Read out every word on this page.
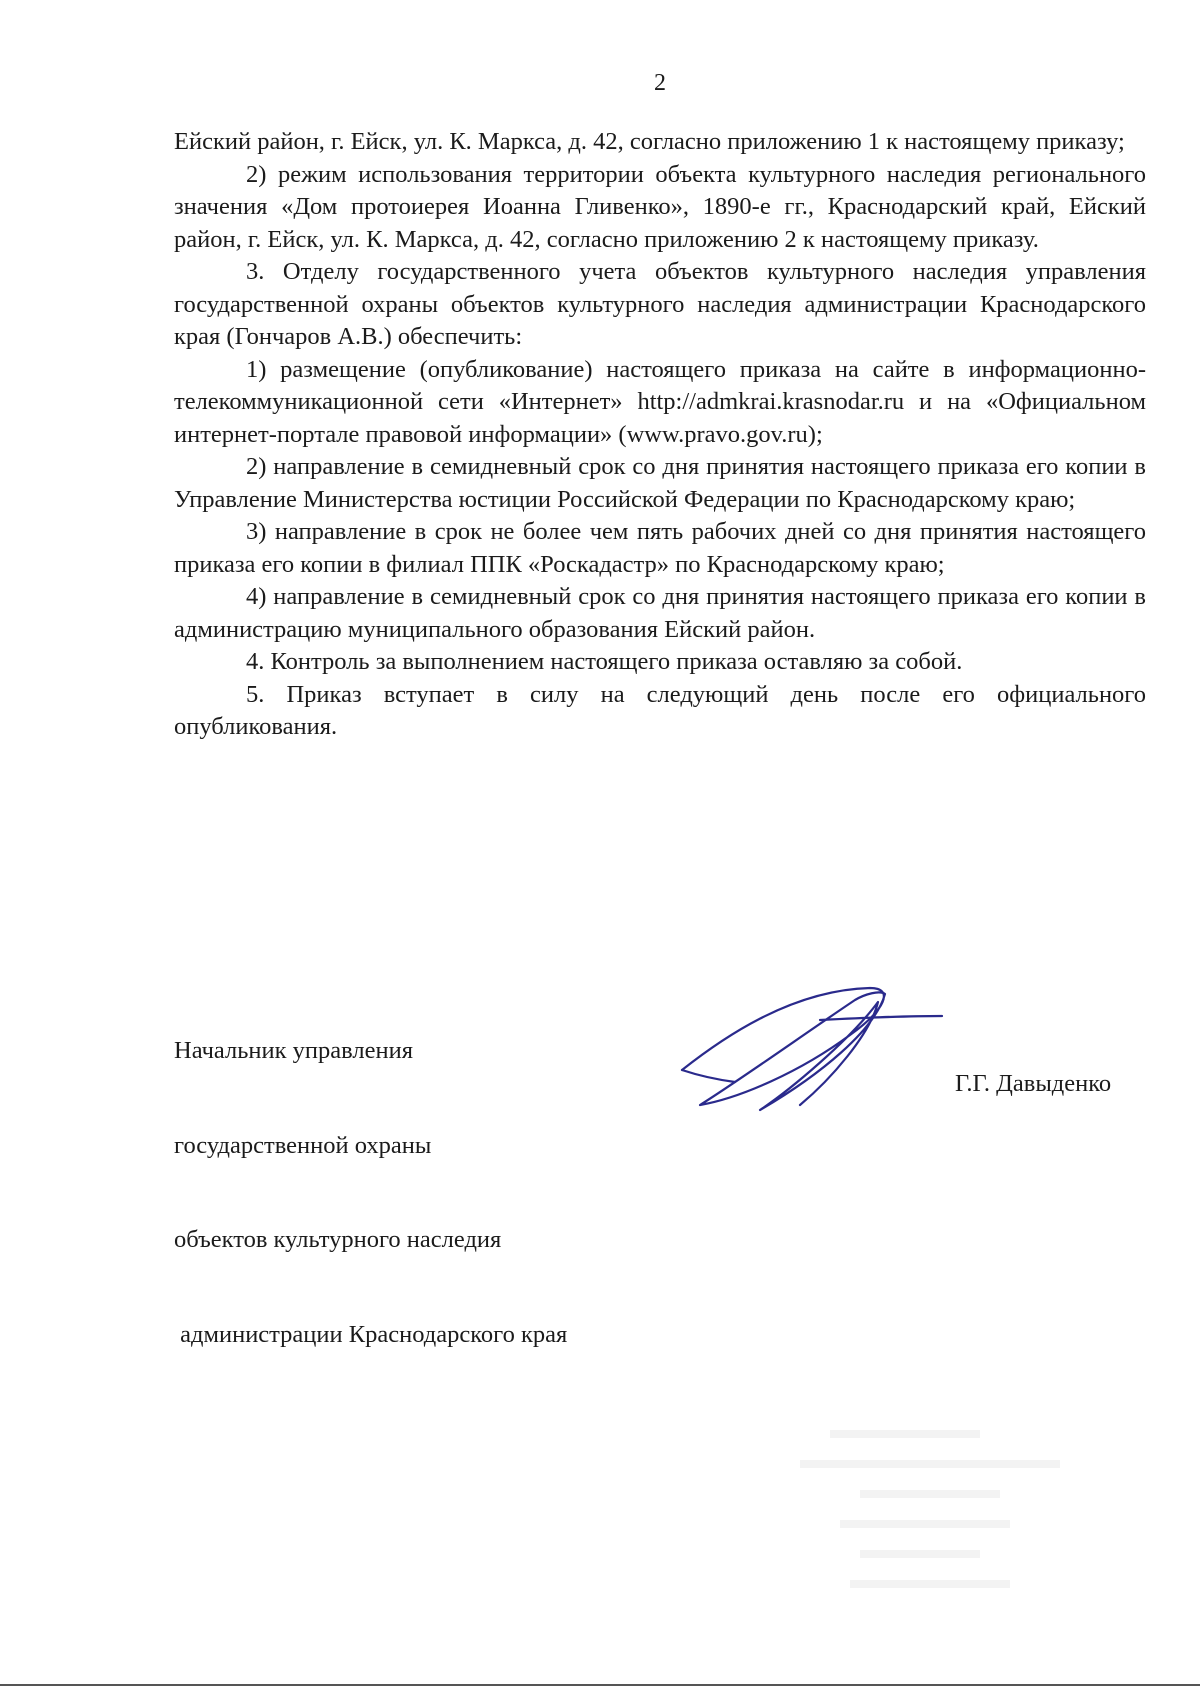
2

Ейский район, г. Ейск, ул. К. Маркса, д. 42, согласно приложению 1 к настоящему приказу;

2) режим использования территории объекта культурного наследия регионального значения «Дом протоиерея Иоанна Гливенко», 1890-е гг., Краснодарский край, Ейский район, г. Ейск, ул. К. Маркса, д. 42, согласно приложению 2 к настоящему приказу.

3. Отделу государственного учета объектов культурного наследия управления государственной охраны объектов культурного наследия администрации Краснодарского края (Гончаров А.В.) обеспечить:

1) размещение (опубликование) настоящего приказа на сайте в информационно-телекоммуникационной сети «Интернет» http://admkrai.krasnodar.ru и на «Официальном интернет-портале правовой информации» (www.pravo.gov.ru);

2) направление в семидневный срок со дня принятия настоящего приказа его копии в Управление Министерства юстиции Российской Федерации по Краснодарскому краю;

3) направление в срок не более чем пять рабочих дней со дня принятия настоящего приказа его копии в филиал ППК «Роскадастр» по Краснодарскому краю;

4) направление в семидневный срок со дня принятия настоящего приказа его копии в администрацию муниципального образования Ейский район.

4. Контроль за выполнением настоящего приказа оставляю за собой.

5. Приказ вступает в силу на следующий день после его официального опубликования.

Начальник управления

государственной охраны

объектов культурного наследия

администрации Краснодарского края

Г.Г. Давыденко
